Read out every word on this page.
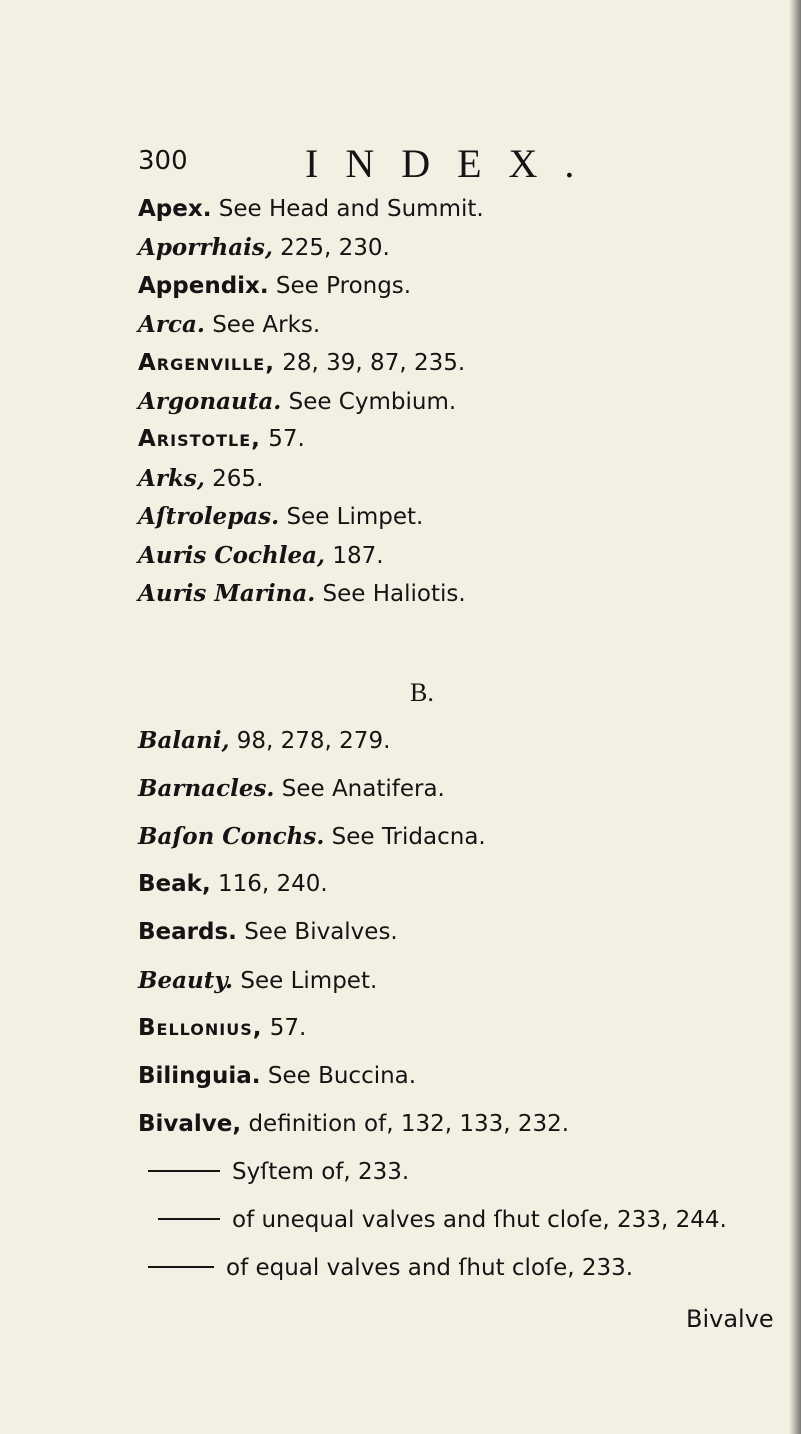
300	INDEX.
Apex. See Head and Summit.
Aporrhais, 225, 230.
Appendix. See Prongs.
Arca. See Arks.
Argenville, 28, 39, 87, 235.
Argonauta. See Cymbium.
Aristotle, 57.
Arks, 265.
Aſtrolepas. See Limpet.
Auris Cochlea, 187.
B.
Balani, 98, 278, 279.
Barnacles. See Anatifera.
Baſon Conchs. See Tridacna.
Beak, 116, 240.
Beards. See Bivalves.
Beauty. See Limpet.
Bellonius, 57.
Bilinguia. See Buccina.
Bivalve, definition of, 132, 133, 232.
Syſtem of, 233.
of unequal valves and ſhut cloſe, 233, 244.
of equal valves and ſhut cloſe, 233.
Bivalve
Auris Marina. See Haliotis.
